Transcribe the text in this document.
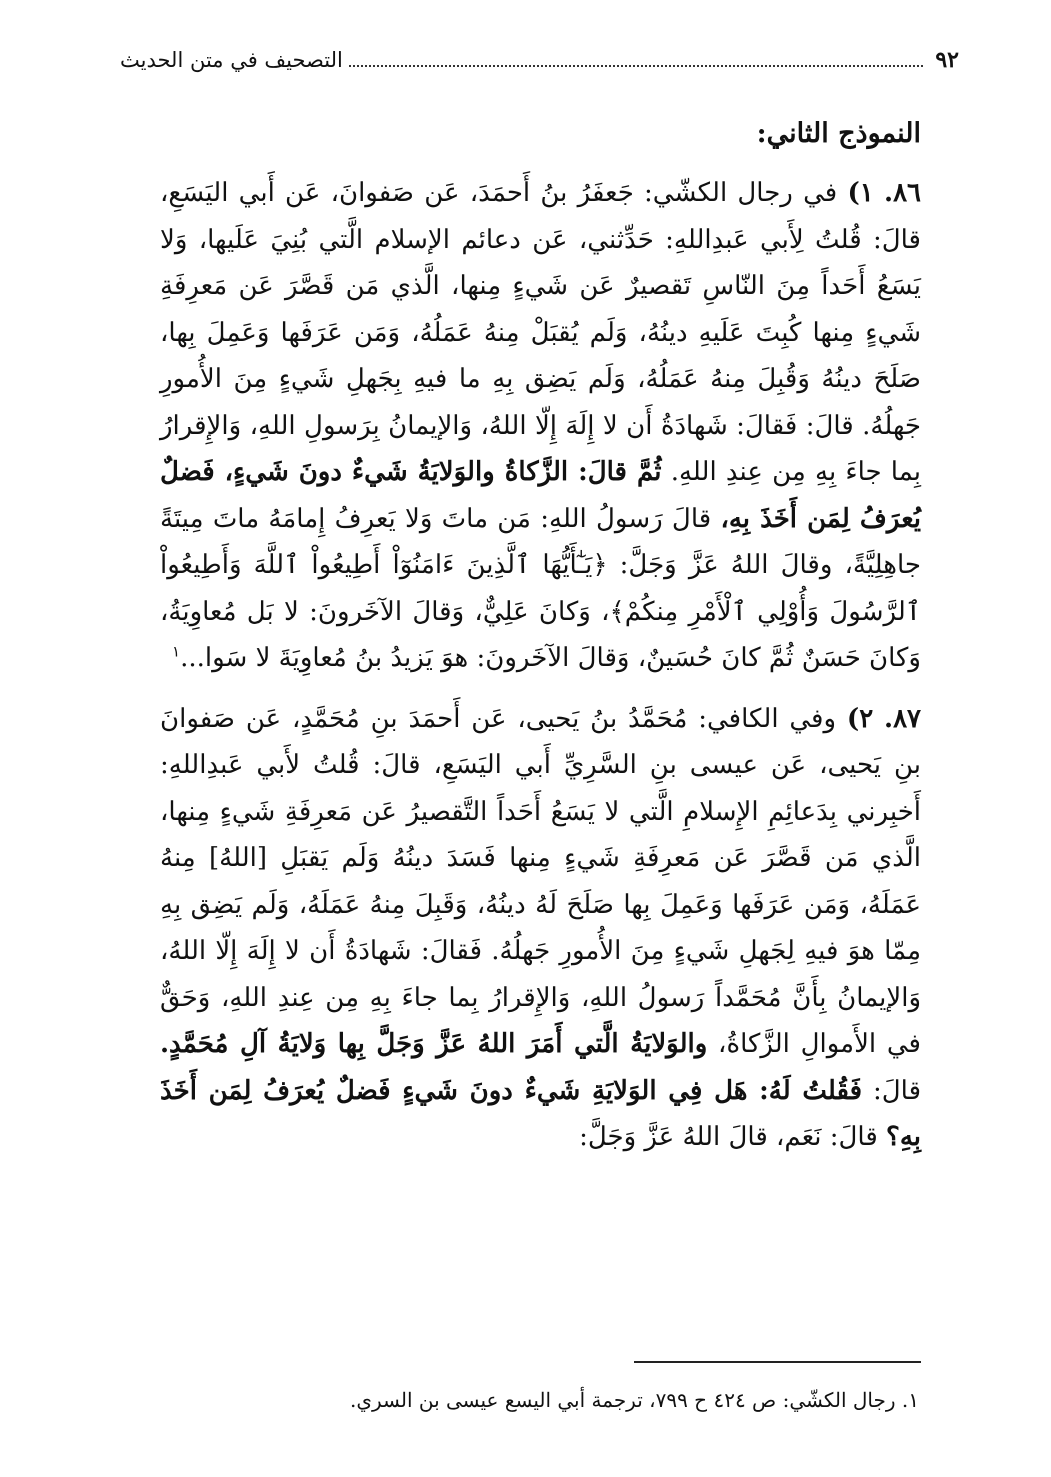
٩٢
التصحيف في متن الحديث
النموذج الثاني:

٨٦. ١) في رجال الكشّي: جَعفَرُ بنُ أَحمَدَ، عَن صَفوانَ، عَن أَبي اليَسَعِ، قالَ: قُلتُ لِأَبي عَبدِاللهِ: حَدِّثني، عَن دعائم الإسلام الَّتي بُنِيَ عَلَيها، وَلا يَسَعُ أَحَداً مِنَ النّاسِ تَقصيرٌ عَن شَيءٍ مِنها، الَّذي مَن قَصَّرَ عَن مَعرِفَةِ شَيءٍ مِنها كُبِتَ عَلَيهِ دينُهُ، وَلَم يُقبَلْ مِنهُ عَمَلُهُ، وَمَن عَرَفَها وَعَمِلَ بِها، صَلَحَ دينُهُ وَقُبِلَ مِنهُ عَمَلُهُ، وَلَم يَضِق بِهِ ما فيهِ بِجَهلِ شَيءٍ مِنَ الأُمورِ جَهلُهُ. قالَ: فَقالَ: شَهادَةُ أَن لا إِلَهَ إِلّا اللهُ، وَالإيمانُ بِرَسولِ اللهِ، وَالإِقرارُ بِما جاءَ بِهِ مِن عِندِ اللهِ. ثُمَّ قالَ: الزَّكاةُ والوَلايَةُ شَيءٌ دونَ شَيءٍ، فَضلٌ يُعرَفُ لِمَن أَخَذَ بِهِ، قالَ رَسولُ اللهِ: مَن ماتَ وَلا يَعرِفُ إِمامَهُ ماتَ مِيتَةً جاهِلِيَّةً، وقالَ اللهُ عَزَّ وَجَلَّ: ﴿يَـٰٓأَيُّهَا ٱلَّذِينَ ءَامَنُوٓاْ أَطِيعُواْ ٱللَّهَ وَأَطِيعُواْ ٱلرَّسُولَ وَأُوْلِي ٱلْأَمْرِ مِنكُمْ﴾، وَكانَ عَلِيٌّ، وَقالَ الآخَرونَ: لا بَل مُعاوِيَةُ، وَكانَ حَسَنٌ ثُمَّ كانَ حُسَينٌ، وَقالَ الآخَرونَ: هوَ يَزيدُ بنُ مُعاوِيَةَ لا سَوا...$^١$

٨٧. ٢) وفي الكافي: مُحَمَّدُ بنُ يَحيى، عَن أَحمَدَ بنِ مُحَمَّدٍ، عَن صَفوانَ بنِ يَحيى، عَن عيسى بنِ السَّرِيِّ أَبي اليَسَعِ، قالَ: قُلتُ لأَبي عَبدِاللهِ: أَخبِرني بِدَعائِمِ الإِسلامِ الَّتي لا يَسَعُ أَحَداً التَّقصيرُ عَن مَعرِفَةِ شَيءٍ مِنها، الَّذي مَن قَصَّرَ عَن مَعرِفَةِ شَيءٍ مِنها فَسَدَ دينُهُ وَلَم يَقبَلِ [اللهُ] مِنهُ عَمَلَهُ، وَمَن عَرَفَها وَعَمِلَ بِها صَلَحَ لَهُ دينُهُ، وَقَبِلَ مِنهُ عَمَلَهُ، وَلَم يَضِق بِهِ مِمّا هوَ فيهِ لِجَهلِ شَيءٍ مِنَ الأُمورِ جَهلُهُ. فَقالَ: شَهادَةُ أَن لا إِلَهَ إِلّا اللهُ، وَالإيمانُ بِأَنَّ مُحَمَّداً رَسولُ اللهِ، وَالإِقرارُ بِما جاءَ بِهِ مِن عِندِ اللهِ، وَحَقٌّ في الأَموالِ الزَّكاةُ، والوَلايَةُ الَّتي أَمَرَ اللهُ عَزَّ وَجَلَّ بِها وَلايَةُ آلِ مُحَمَّدٍ. قالَ: فَقُلتُ لَهُ: هَل فِي الوَلايَةِ شَيءٌ دونَ شَيءٍ فَضلٌ يُعرَفُ لِمَن أَخَذَ بِهِ؟ قالَ: نَعَم، قالَ اللهُ عَزَّ وَجَلَّ:

١. رجال الكشّي: ص ٤٢٤ ح ٧٩٩، ترجمة أبي اليسع عيسى بن السري.
